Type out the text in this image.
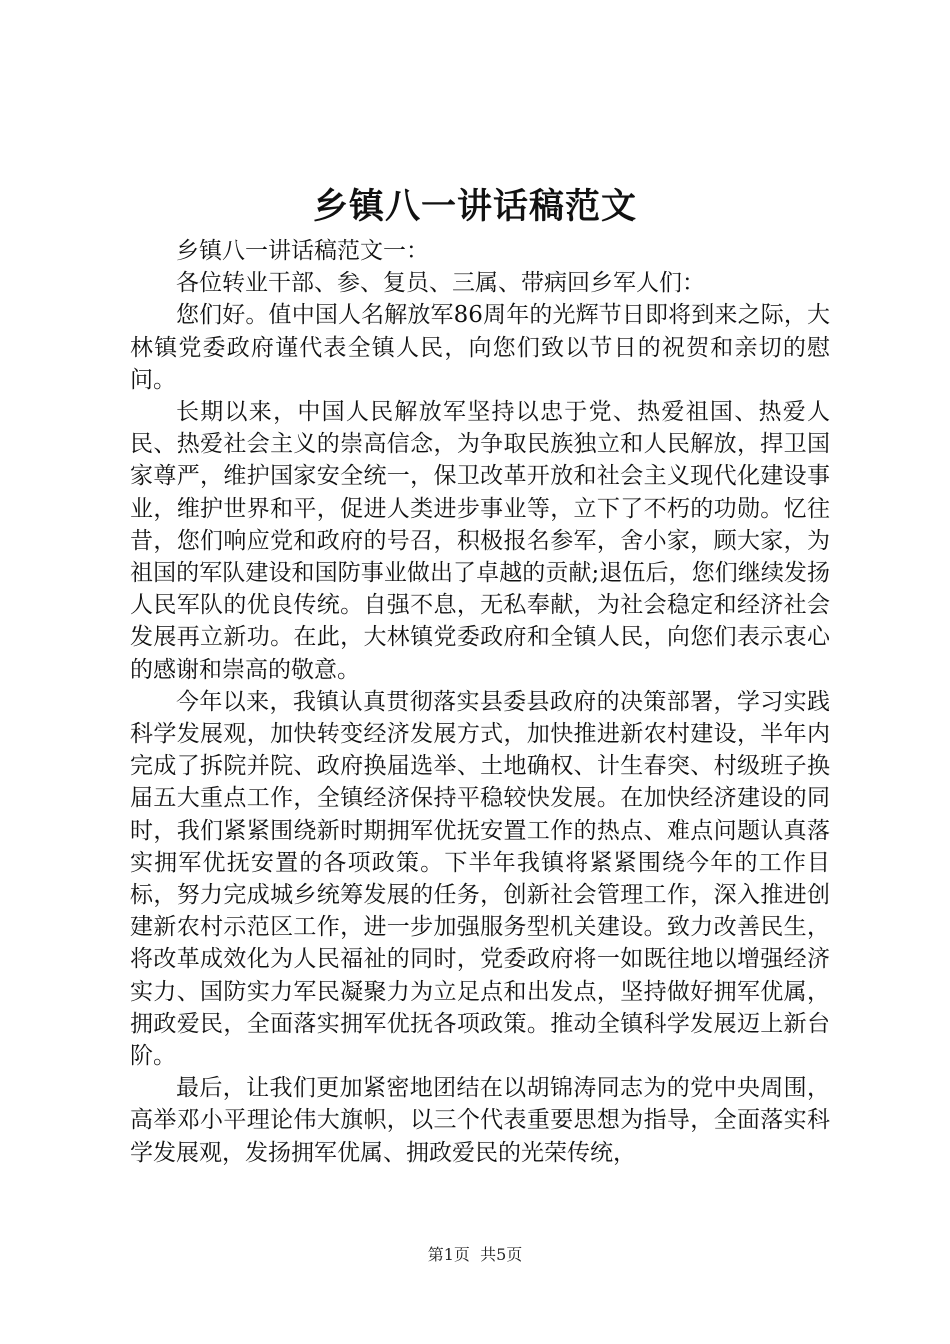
乡镇八一讲话稿范文

乡镇八一讲话稿范文一：

各位转业干部、参、复员、三属、带病回乡军人们：

您们好。值中国人名解放军86周年的光辉节日即将到来之际，大林镇党委政府谨代表全镇人民，向您们致以节日的祝贺和亲切的慰问。

长期以来，中国人民解放军坚持以忠于党、热爱祖国、热爱人民、热爱社会主义的崇高信念，为争取民族独立和人民解放，捍卫国家尊严，维护国家安全统一，保卫改革开放和社会主义现代化建设事业，维护世界和平，促进人类进步事业等，立下了不朽的功勋。忆往昔，您们响应党和政府的号召，积极报名参军，舍小家，顾大家，为祖国的军队建设和国防事业做出了卓越的贡献;退伍后，您们继续发扬人民军队的优良传统。自强不息，无私奉献，为社会稳定和经济社会发展再立新功。在此，大林镇党委政府和全镇人民，向您们表示衷心的感谢和崇高的敬意。

今年以来，我镇认真贯彻落实县委县政府的决策部署，学习实践科学发展观，加快转变经济发展方式，加快推进新农村建设，半年内完成了拆院并院、政府换届选举、土地确权、计生春突、村级班子换届五大重点工作，全镇经济保持平稳较快发展。在加快经济建设的同时，我们紧紧围绕新时期拥军优抚安置工作的热点、难点问题认真落实拥军优抚安置的各项政策。下半年我镇将紧紧围绕今年的工作目标，努力完成城乡统筹发展的任务，创新社会管理工作，深入推进创建新农村示范区工作，进一步加强服务型机关建设。致力改善民生，将改革成效化为人民福祉的同时，党委政府将一如既往地以增强经济实力、国防实力军民凝聚力为立足点和出发点，坚持做好拥军优属，拥政爱民，全面落实拥军优抚各项政策。推动全镇科学发展迈上新台阶。

最后，让我们更加紧密地团结在以胡锦涛同志为的党中央周围，高举邓小平理论伟大旗帜，以三个代表重要思想为指导，全面落实科学发展观，发扬拥军优属、拥政爱民的光荣传统，

第1页  共5页
